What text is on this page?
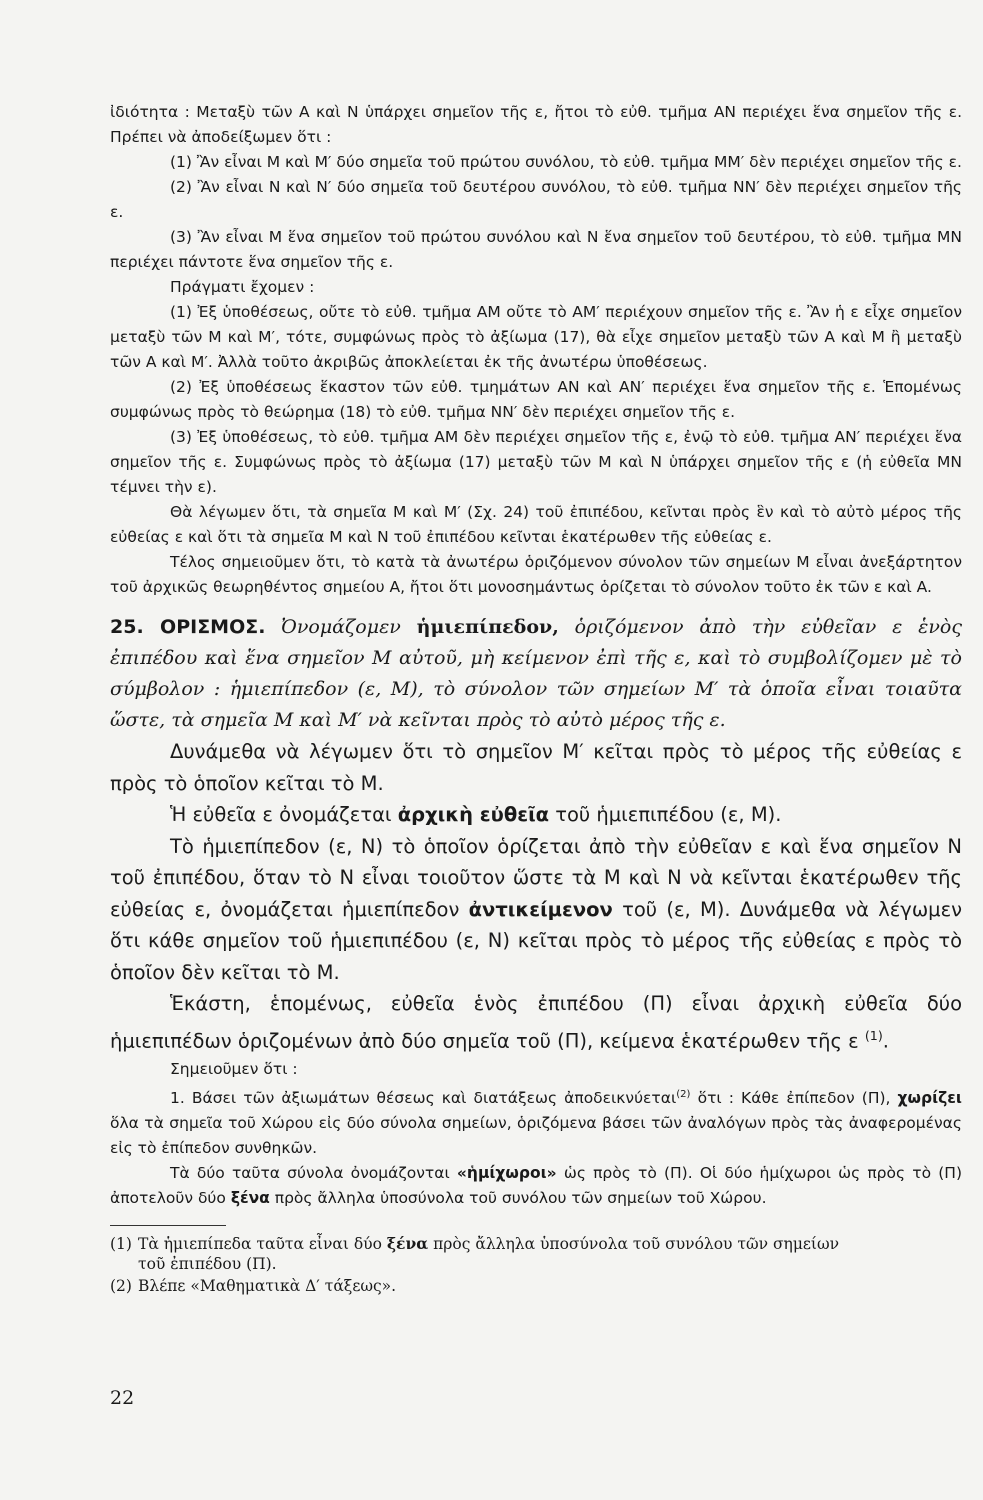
ἰδιότητα : Μεταξὺ τῶν A καὶ N ὑπάρχει σημεῖον τῆς ε, ἤτοι τὸ εὐθ. τμῆμα AN περιέχει ἕνα σημεῖον τῆς ε. Πρέπει νὰ ἀποδείξωμεν ὅτι :

(1) Ἂν εἶναι M καὶ M′ δύο σημεῖα τοῦ πρώτου συνόλου, τὸ εὐθ. τμῆμα MM′ δὲν περιέχει σημεῖον τῆς ε.

(2) Ἂν εἶναι N καὶ N′ δύο σημεῖα τοῦ δευτέρου συνόλου, τὸ εὐθ. τμῆμα NN′ δὲν περιέχει σημεῖον τῆς ε.

(3) Ἂν εἶναι M ἕνα σημεῖον τοῦ πρώτου συνόλου καὶ N ἕνα σημεῖον τοῦ δευτέρου, τὸ εὐθ. τμῆμα MN περιέχει πάντοτε ἕνα σημεῖον τῆς ε.

Πράγματι ἔχομεν :

(1) Ἐξ ὑποθέσεως, οὔτε τὸ εὐθ. τμῆμα AM οὔτε τὸ AM′ περιέχουν σημεῖον τῆς ε. Ἂν ἡ ε εἶχε σημεῖον μεταξὺ τῶν M καὶ M′, τότε, συμφώνως πρὸς τὸ ἀξίωμα (17), θὰ εἶχε σημεῖον μεταξὺ τῶν A καὶ M ἢ μεταξὺ τῶν A καὶ M′. Ἀλλὰ τοῦτο ἀκριβῶς ἀποκλείεται ἐκ τῆς ἀνωτέρω ὑποθέσεως.

(2) Ἐξ ὑποθέσεως ἕκαστον τῶν εὐθ. τμημάτων AN καὶ AN′ περιέχει ἕνα σημεῖον τῆς ε. Ἑπομένως συμφώνως πρὸς τὸ θεώρημα (18) τὸ εὐθ. τμῆμα NN′ δὲν περιέχει σημεῖον τῆς ε.

(3) Ἐξ ὑποθέσεως, τὸ εὐθ. τμῆμα AM δὲν περιέχει σημεῖον τῆς ε, ἐνῷ τὸ εὐθ. τμῆμα AN′ περιέχει ἕνα σημεῖον τῆς ε. Συμφώνως πρὸς τὸ ἀξίωμα (17) μεταξὺ τῶν M καὶ N ὑπάρχει σημεῖον τῆς ε (ἡ εὐθεῖα MN τέμνει τὴν ε).

Θὰ λέγωμεν ὅτι, τὰ σημεῖα M καὶ M′ (Σχ. 24) τοῦ ἐπιπέδου, κεῖνται πρὸς ἓν καὶ τὸ αὐτὸ μέρος τῆς εὐθείας ε καὶ ὅτι τὰ σημεῖα M καὶ N τοῦ ἐπιπέδου κεῖνται ἑκατέρωθεν τῆς εὐθείας ε.

Τέλος σημειοῦμεν ὅτι, τὸ κατὰ τὰ ἀνωτέρω ὁριζόμενον σύνολον τῶν σημείων M εἶναι ἀνεξάρτητον τοῦ ἀρχικῶς θεωρηθέντος σημείου A, ἤτοι ὅτι μονοσημάντως ὁρίζεται τὸ σύνολον τοῦτο ἐκ τῶν ε καὶ A.

25. ΟΡΙΣΜΟΣ. Ὀνομάζομεν ἡμιεπίπεδον, ὁριζόμενον ἀπὸ τὴν εὐθεῖαν ε ἑνὸς ἐπιπέδου καὶ ἕνα σημεῖον M αὐτοῦ, μὴ κείμενον ἐπὶ τῆς ε, καὶ τὸ συμβολίζομεν μὲ τὸ σύμβολον : ἡμιεπίπεδον (ε, M), τὸ σύνολον τῶν σημείων M′ τὰ ὁποῖα εἶναι τοιαῦτα ὥστε, τὰ σημεῖα M καὶ M′ νὰ κεῖνται πρὸς τὸ αὐτὸ μέρος τῆς ε.

Δυνάμεθα νὰ λέγωμεν ὅτι τὸ σημεῖον M′ κεῖται πρὸς τὸ μέρος τῆς εὐθείας ε πρὸς τὸ ὁποῖον κεῖται τὸ M.

Ἡ εὐθεῖα ε ὀνομάζεται ἀρχικὴ εὐθεῖα τοῦ ἡμιεπιπέδου (ε, M).

Τὸ ἡμιεπίπεδον (ε, N) τὸ ὁποῖον ὁρίζεται ἀπὸ τὴν εὐθεῖαν ε καὶ ἕνα σημεῖον N τοῦ ἐπιπέδου, ὅταν τὸ N εἶναι τοιοῦτον ὥστε τὰ M καὶ N νὰ κεῖνται ἑκατέρωθεν τῆς εὐθείας ε, ὀνομάζεται ἡμιεπίπεδον ἀντικείμενον τοῦ (ε, M). Δυνάμεθα νὰ λέγωμεν ὅτι κάθε σημεῖον τοῦ ἡμιεπιπέδου (ε, N) κεῖται πρὸς τὸ μέρος τῆς εὐθείας ε πρὸς τὸ ὁποῖον δὲν κεῖται τὸ M.

Ἑκάστη, ἑπομένως, εὐθεῖα ἑνὸς ἐπιπέδου (Π) εἶναι ἀρχικὴ εὐθεῖα δύο ἡμιεπιπέδων ὁριζομένων ἀπὸ δύο σημεῖα τοῦ (Π), κείμενα ἑκατέρωθεν τῆς ε $^{(1)}$.

Σημειοῦμεν ὅτι :

1. Βάσει τῶν ἀξιωμάτων θέσεως καὶ διατάξεως ἀποδεικνύεται$^{(2)}$ ὅτι : Κάθε ἐπίπεδον (Π), χωρίζει ὅλα τὰ σημεῖα τοῦ Χώρου εἰς δύο σύνολα σημείων, ὁριζόμενα βάσει τῶν ἀναλόγων πρὸς τὰς ἀναφερομένας εἰς τὸ ἐπίπεδον συνθηκῶν.

Τὰ δύο ταῦτα σύνολα ὀνομάζονται «ἡμίχωροι» ὡς πρὸς τὸ (Π). Οἱ δύο ἡμίχωροι ὡς πρὸς τὸ (Π) ἀποτελοῦν δύο ξένα πρὸς ἄλληλα ὑποσύνολα τοῦ συνόλου τῶν σημείων τοῦ Χώρου.

(1) Τὰ ἡμιεπίπεδα ταῦτα εἶναι δύο ξένα πρὸς ἄλληλα ὑποσύνολα τοῦ συνόλου τῶν σημείων
τοῦ ἐπιπέδου (Π).

(2) Βλέπε «Μαθηματικὰ Δ′ τάξεως».

22
